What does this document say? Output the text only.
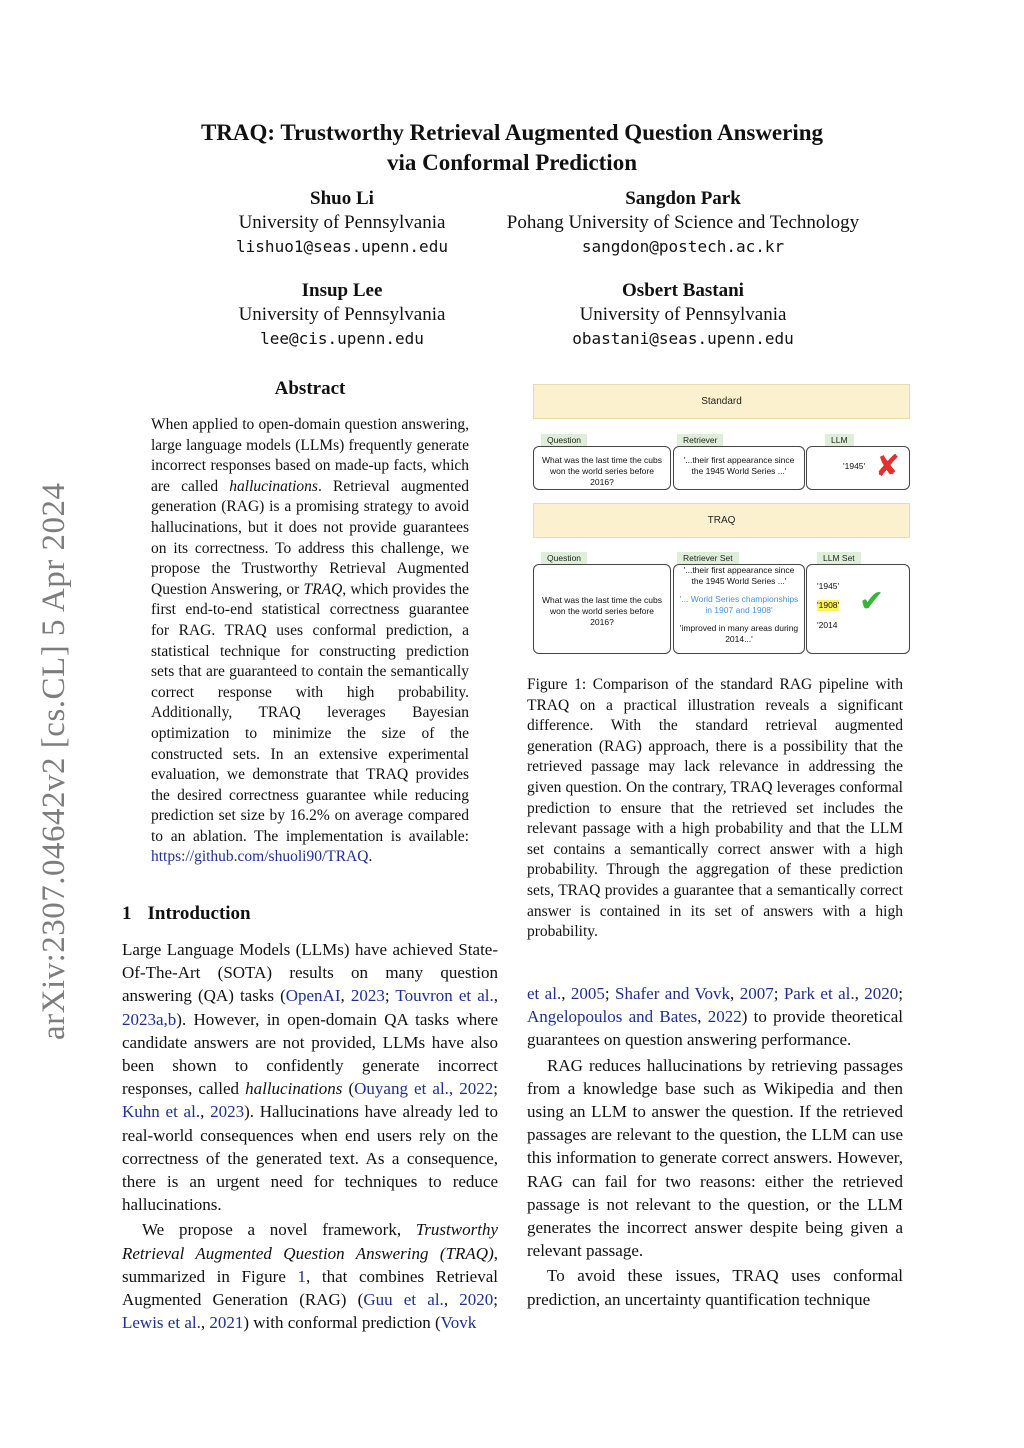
arXiv:2307.04642v2 [cs.CL] 5 Apr 2024
TRAQ: Trustworthy Retrieval Augmented Question Answering
via Conformal Prediction
Shuo Li
University of Pennsylvania
lishuo1@seas.upenn.edu
Sangdon Park
Pohang University of Science and Technology
sangdon@postech.ac.kr
Insup Lee
University of Pennsylvania
lee@cis.upenn.edu
Osbert Bastani
University of Pennsylvania
obastani@seas.upenn.edu
Abstract
When applied to open-domain question answering, large language models (LLMs) frequently generate incorrect responses based on made-up facts, which are called hallucinations. Retrieval augmented generation (RAG) is a promising strategy to avoid hallucinations, but it does not provide guarantees on its correctness. To address this challenge, we propose the Trustworthy Retrieval Augmented Question Answering, or TRAQ, which provides the first end-to-end statistical correctness guarantee for RAG. TRAQ uses conformal prediction, a statistical technique for constructing prediction sets that are guaranteed to contain the semantically correct response with high probability. Additionally, TRAQ leverages Bayesian optimization to minimize the size of the constructed sets. In an extensive experimental evaluation, we demonstrate that TRAQ provides the desired correctness guarantee while reducing prediction set size by 16.2% on average compared to an ablation. The implementation is available: https://github.com/shuoli90/TRAQ.
Standard
Question	Retriever	LLM
What was the last time the cubs won the world series before 2016?
'...their first appearance since the 1945 World Series ...'	'1945' ✘
TRAQ
Question	Retriever Set	LLM Set
What was the last time the cubs won the world series before 2016?
'...their first appearance since the 1945 World Series ...'
'... World Series championships in 1907 and 1908'
'improved in many areas during 2014...'
'1945'
'1908'
'2014
✔
Figure 1: Comparison of the standard RAG pipeline with TRAQ on a practical illustration reveals a significant difference. With the standard retrieval augmented generation (RAG) approach, there is a possibility that the retrieved passage may lack relevance in addressing the given question. On the contrary, TRAQ leverages conformal prediction to ensure that the retrieved set includes the relevant passage with a high probability and that the LLM set contains a semantically correct answer with a high probability. Through the aggregation of these prediction sets, TRAQ provides a guarantee that a semantically correct answer is contained in its set of answers with a high probability.
1 Introduction

Large Language Models (LLMs) have achieved State-Of-The-Art (SOTA) results on many question answering (QA) tasks (OpenAI, 2023; Touvron et al., 2023a,b). However, in open-domain QA tasks where candidate answers are not provided, LLMs have also been shown to confidently generate incorrect responses, called hallucinations (Ouyang et al., 2022; Kuhn et al., 2023). Hallucinations have already led to real-world consequences when end users rely on the correctness of the generated text. As a consequence, there is an urgent need for techniques to reduce hallucinations.

We propose a novel framework, Trustworthy Retrieval Augmented Question Answering (TRAQ), summarized in Figure 1, that combines Retrieval Augmented Generation (RAG) (Guu et al., 2020; Lewis et al., 2021) with conformal prediction (Vovk

et al., 2005; Shafer and Vovk, 2007; Park et al., 2020; Angelopoulos and Bates, 2022) to provide theoretical guarantees on question answering performance.

RAG reduces hallucinations by retrieving passages from a knowledge base such as Wikipedia and then using an LLM to answer the question. If the retrieved passages are relevant to the question, the LLM can use this information to generate correct answers. However, RAG can fail for two reasons: either the retrieved passage is not relevant to the question, or the LLM generates the incorrect answer despite being given a relevant passage.

To avoid these issues, TRAQ uses conformal prediction, an uncertainty quantification technique
